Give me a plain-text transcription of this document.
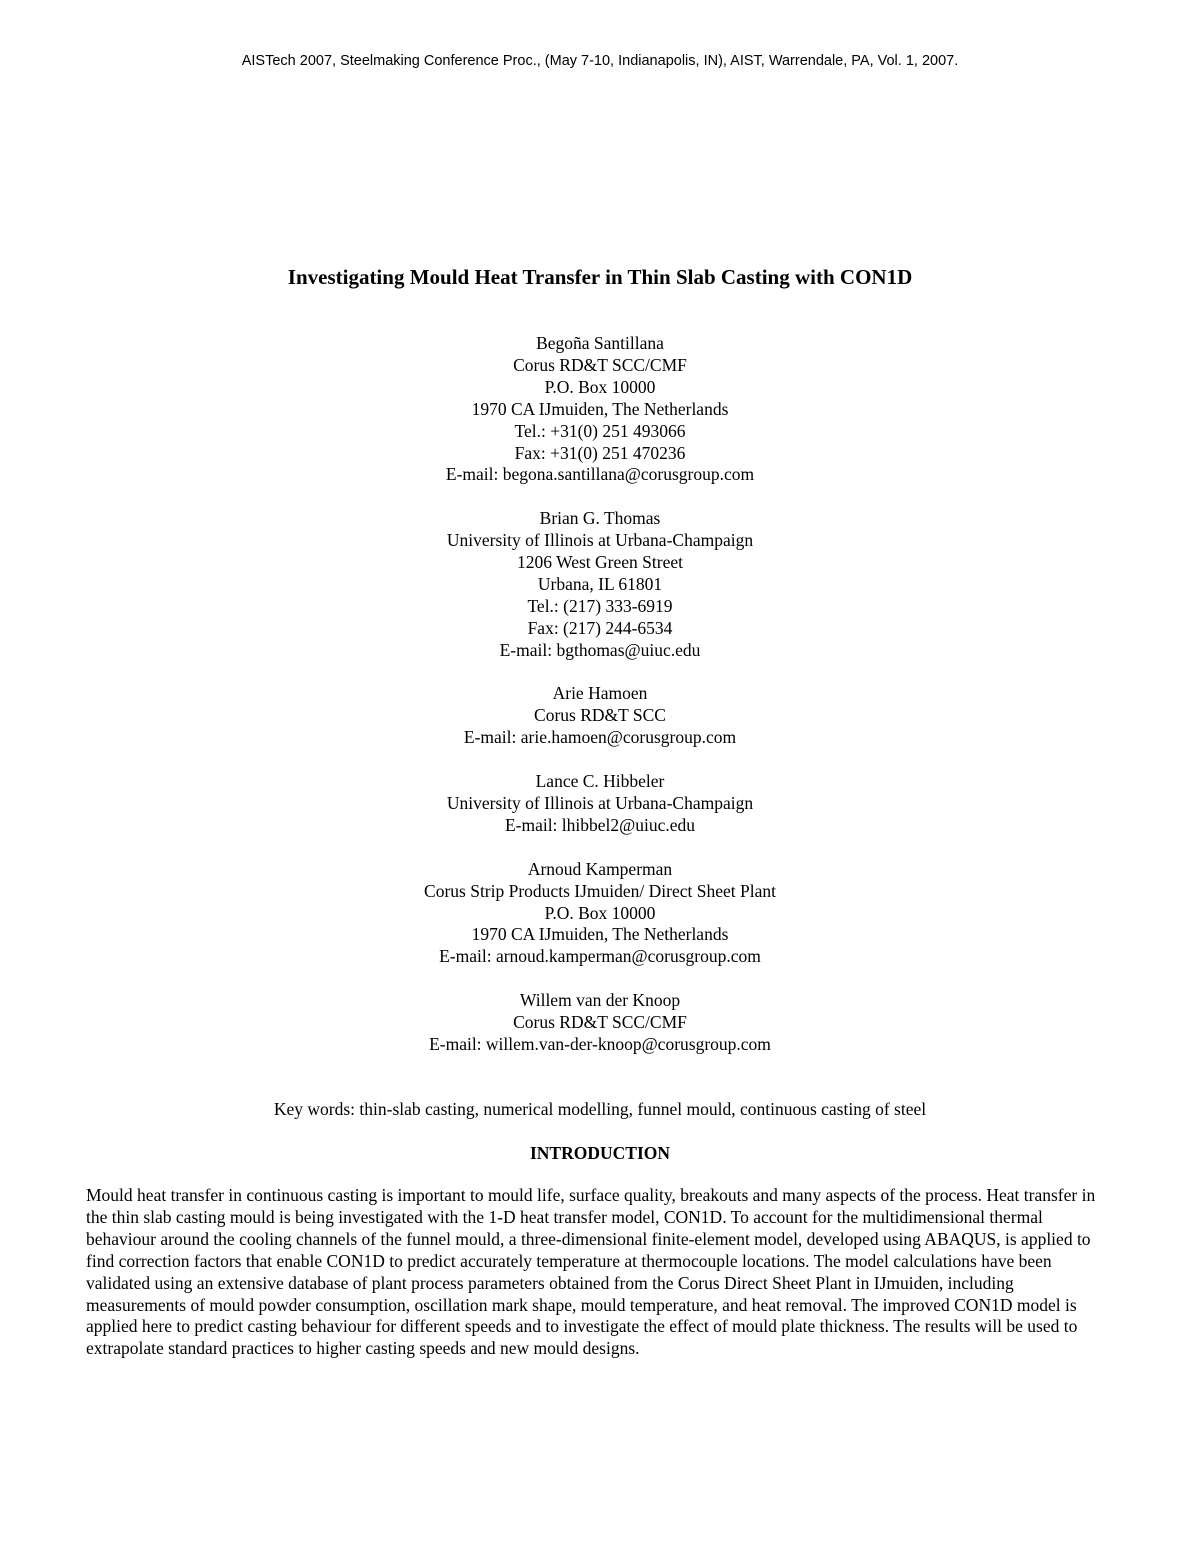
AISTech 2007, Steelmaking Conference Proc., (May 7-10, Indianapolis, IN), AIST, Warrendale, PA, Vol. 1, 2007.
Investigating Mould Heat Transfer in Thin Slab Casting with CON1D
Begoña Santillana
Corus RD&T SCC/CMF
P.O. Box 10000
1970 CA IJmuiden, The Netherlands
Tel.: +31(0) 251 493066
Fax: +31(0) 251 470236
E-mail: begona.santillana@corusgroup.com
Brian G. Thomas
University of Illinois at Urbana-Champaign
1206 West Green Street
Urbana, IL 61801
Tel.: (217) 333-6919
Fax: (217) 244-6534
E-mail: bgthomas@uiuc.edu
Arie Hamoen
Corus RD&T SCC
E-mail: arie.hamoen@corusgroup.com
Lance C. Hibbeler
University of Illinois at Urbana-Champaign
E-mail: lhibbel2@uiuc.edu
Arnoud Kamperman
Corus Strip Products IJmuiden/ Direct Sheet Plant
P.O. Box 10000
1970 CA IJmuiden, The Netherlands
E-mail: arnoud.kamperman@corusgroup.com
Willem van der Knoop
Corus RD&T SCC/CMF
E-mail: willem.van-der-knoop@corusgroup.com
Key words: thin-slab casting, numerical modelling, funnel mould, continuous casting of steel
INTRODUCTION

Mould heat transfer in continuous casting is important to mould life, surface quality, breakouts and many aspects of the process. Heat transfer in the thin slab casting mould is being investigated with the 1-D heat transfer model, CON1D. To account for the multidimensional thermal behaviour around the cooling channels of the funnel mould, a three-dimensional finite-element model, developed using ABAQUS, is applied to find correction factors that enable CON1D to predict accurately temperature at thermocouple locations. The model calculations have been validated using an extensive database of plant process parameters obtained from the Corus Direct Sheet Plant in IJmuiden, including measurements of mould powder consumption, oscillation mark shape, mould temperature, and heat removal. The improved CON1D model is applied here to predict casting behaviour for different speeds and to investigate the effect of mould plate thickness. The results will be used to extrapolate standard practices to higher casting speeds and new mould designs.
